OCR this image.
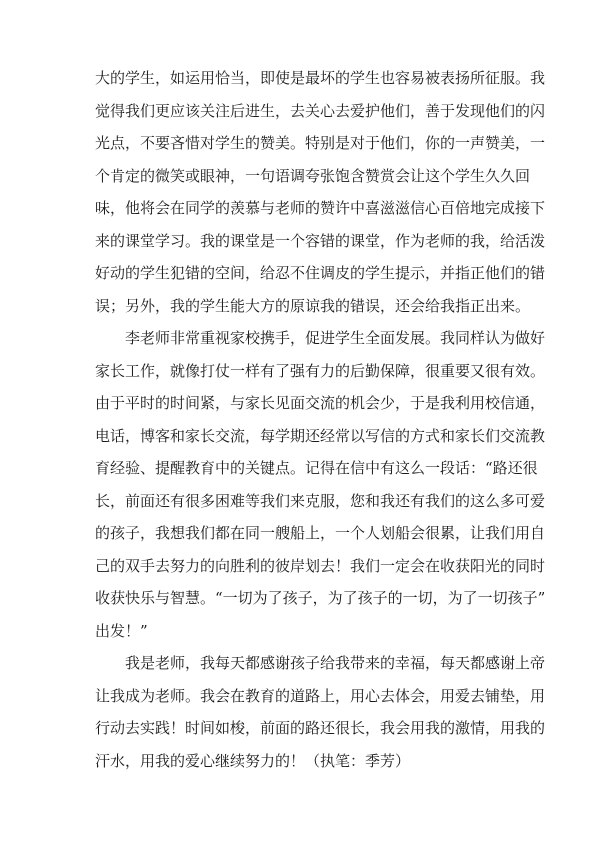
大的学生，如运用恰当，即使是最坏的学生也容易被表扬所征服。我
觉得我们更应该关注后进生，去关心去爱护他们，善于发现他们的闪
光点，不要吝惜对学生的赞美。特别是对于他们，你的一声赞美，一
个肯定的微笑或眼神，一句语调夸张饱含赞赏会让这个学生久久回
味，他将会在同学的羡慕与老师的赞许中喜滋滋信心百倍地完成接下
来的课堂学习。我的课堂是一个容错的课堂，作为老师的我，给活泼
好动的学生犯错的空间，给忍不住调皮的学生提示，并指正他们的错
误；另外，我的学生能大方的原谅我的错误，还会给我指正出来。
李老师非常重视家校携手，促进学生全面发展。我同样认为做好
家长工作，就像打仗一样有了强有力的后勤保障，很重要又很有效。
由于平时的时间紧，与家长见面交流的机会少，于是我利用校信通，
电话，博客和家长交流，每学期还经常以写信的方式和家长们交流教
育经验、提醒教育中的关键点。记得在信中有这么一段话：“路还很
长，前面还有很多困难等我们来克服，您和我还有我们的这么多可爱
的孩子，我想我们都在同一艘船上，一个人划船会很累，让我们用自
己的双手去努力的向胜利的彼岸划去！我们一定会在收获阳光的同时
收获快乐与智慧。“一切为了孩子，为了孩子的一切，为了一切孩子”
出发！”
我是老师，我每天都感谢孩子给我带来的幸福，每天都感谢上帝
让我成为老师。我会在教育的道路上，用心去体会，用爱去铺垫，用
行动去实践！时间如梭，前面的路还很长，我会用我的激情，用我的
汗水，用我的爱心继续努力的！（执笔：季芳）
